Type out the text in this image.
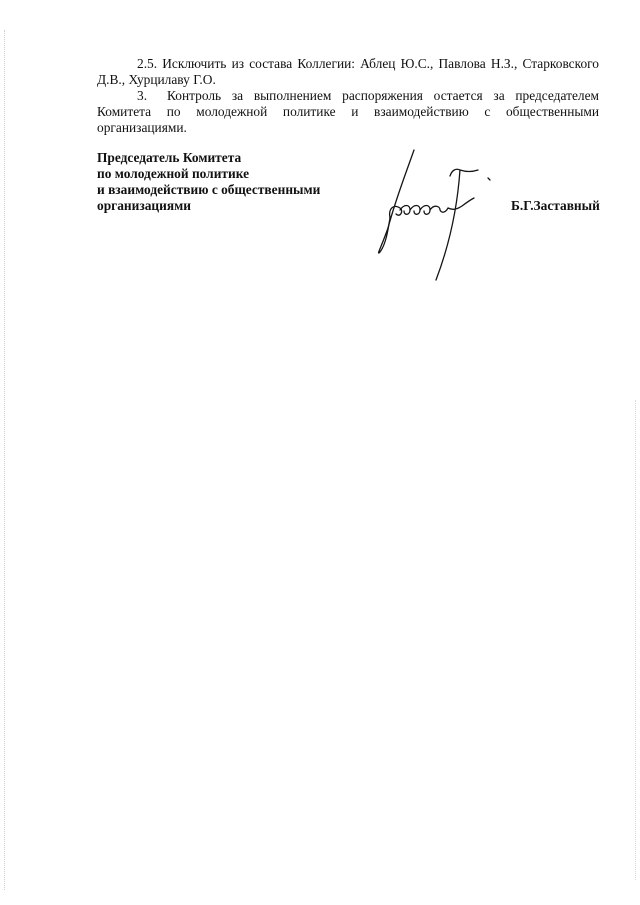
2.5. Исключить из состава Коллегии: Аблец Ю.С., Павлова Н.З., Старковского Д.В., Хурцилаву Г.О.

3. Контроль за выполнением распоряжения остается за председателем Комитета по молодежной политике и взаимодействию с общественными организациями.

Председатель Комитета
по молодежной политике
и взаимодействию с общественными
организациями	Б.Г.Заставный
